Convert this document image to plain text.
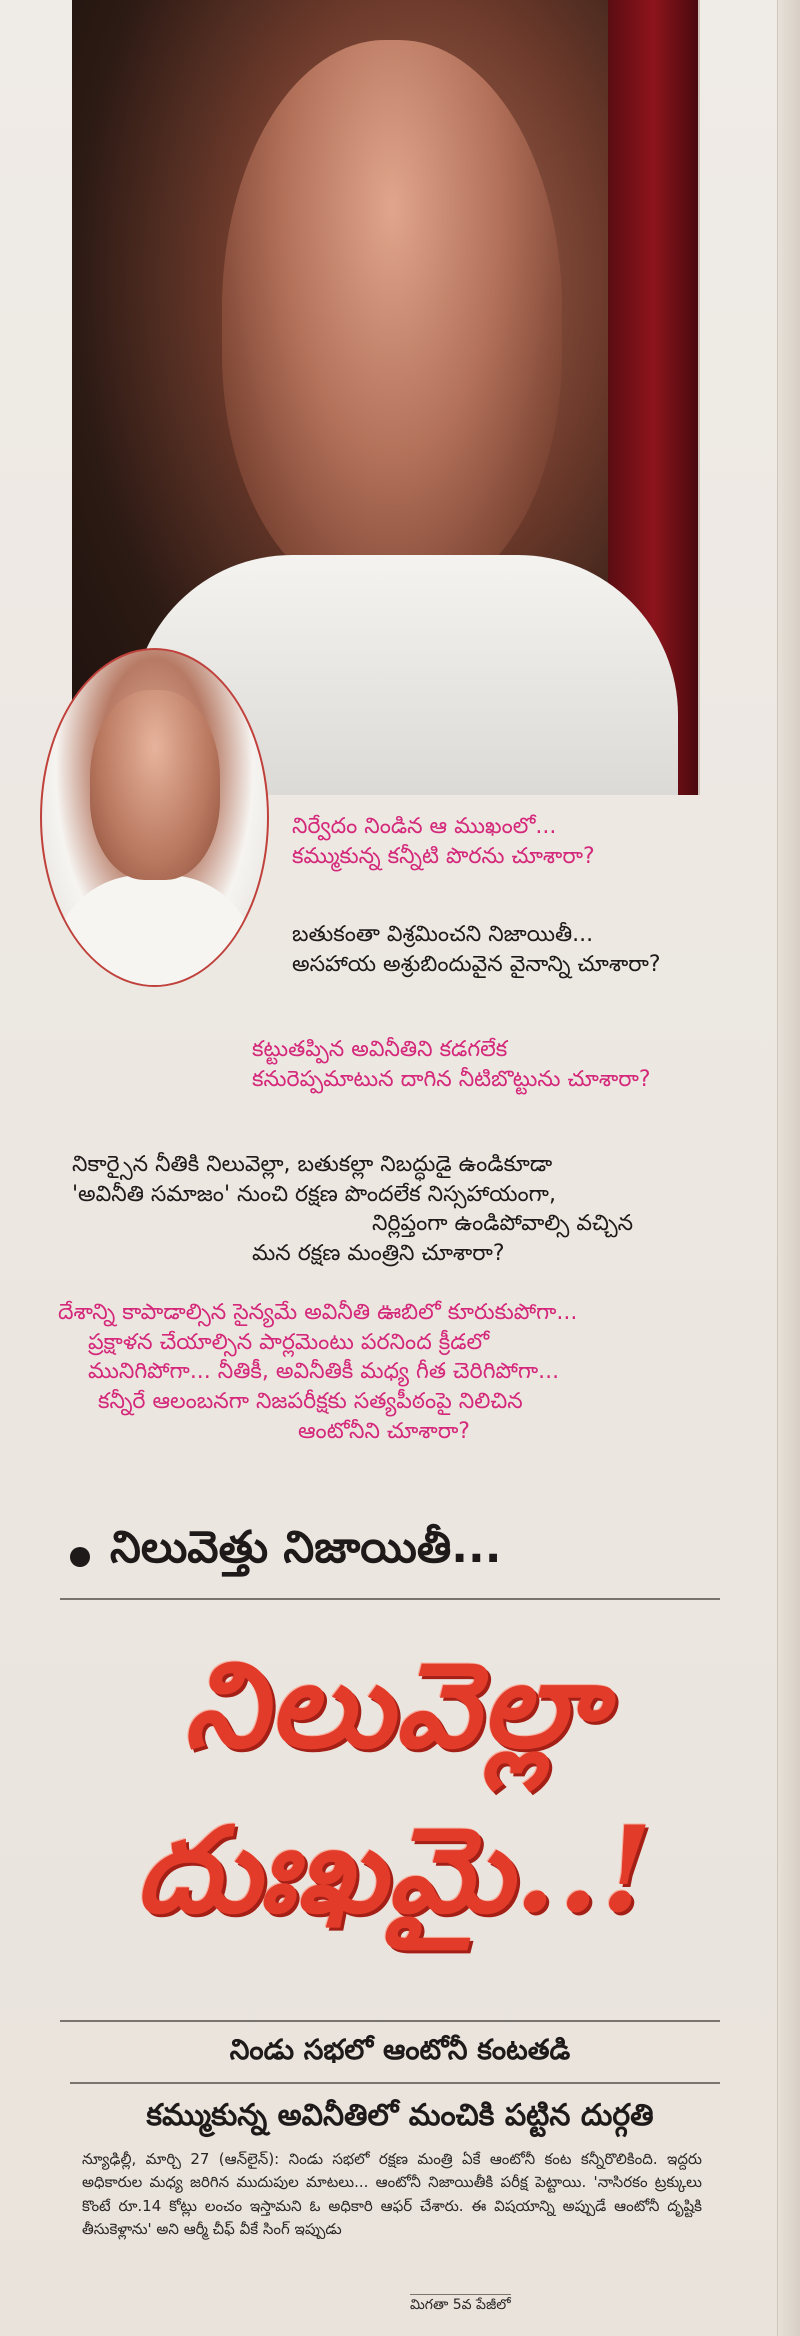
నిర్వేదం నిండిన ఆ ముఖంలో...
కమ్ముకున్న కన్నీటి పొరను చూశారా?

బతుకంతా విశ్రమించని నిజాయితీ...
అసహాయ అశ్రుబిందువైన వైనాన్ని చూశారా?

కట్టుతప్పిన అవినీతిని కడగలేక
కనురెప్పమాటున దాగిన నీటిబొట్టును చూశారా?

నికార్సైన నీతికి నిలువెల్లా, బతుకల్లా నిబద్ధుడై ఉండికూడా
'అవినీతి సమాజం' నుంచి రక్షణ పొందలేక నిస్సహాయంగా,
నిర్లిప్తంగా ఉండిపోవాల్సి వచ్చిన
మన రక్షణ మంత్రిని చూశారా?

దేశాన్ని కాపాడాల్సిన సైన్యమే అవినీతి ఊబిలో కూరుకుపోగా...
ప్రక్షాళన చేయాల్సిన పార్లమెంటు పరనింద క్రీడలో
మునిగిపోగా... నీతికీ, అవినీతికీ మధ్య గీత చెరిగిపోగా...
కన్నీరే ఆలంబనగా నిజపరీక్షకు సత్యపీఠంపై నిలిచిన
ఆంటోనీని చూశారా?

నిలువెత్తు నిజాయితీ...

నిలువెల్లా

దుఃఖమై..!

నిండు సభలో ఆంటోనీ కంటతడి

కమ్ముకున్న అవినీతిలో మంచికి పట్టిన దుర్గతి

న్యూఢిల్లీ, మార్చి 27 (ఆన్‌లైన్): నిండు సభలో రక్షణ మంత్రి ఏకే ఆంటోనీ కంట కన్నీరొలికింది. ఇద్దరు అధికారుల మధ్య జరిగిన ముదుపుల మాటలు... ఆంటోనీ నిజాయితీకి పరీక్ష పెట్టాయి. 'నాసిరకం ట్రక్కులు కొంటే రూ.14 కోట్లు లంచం ఇస్తామని ఓ అధికారి ఆఫర్ చేశారు. ఈ విషయాన్ని అప్పుడే ఆంటోనీ దృష్టికి తీసుకెళ్లాను' అని ఆర్మీ చీఫ్ వీకే సింగ్ ఇప్పుడు

మిగతా 5వ పేజీలో
